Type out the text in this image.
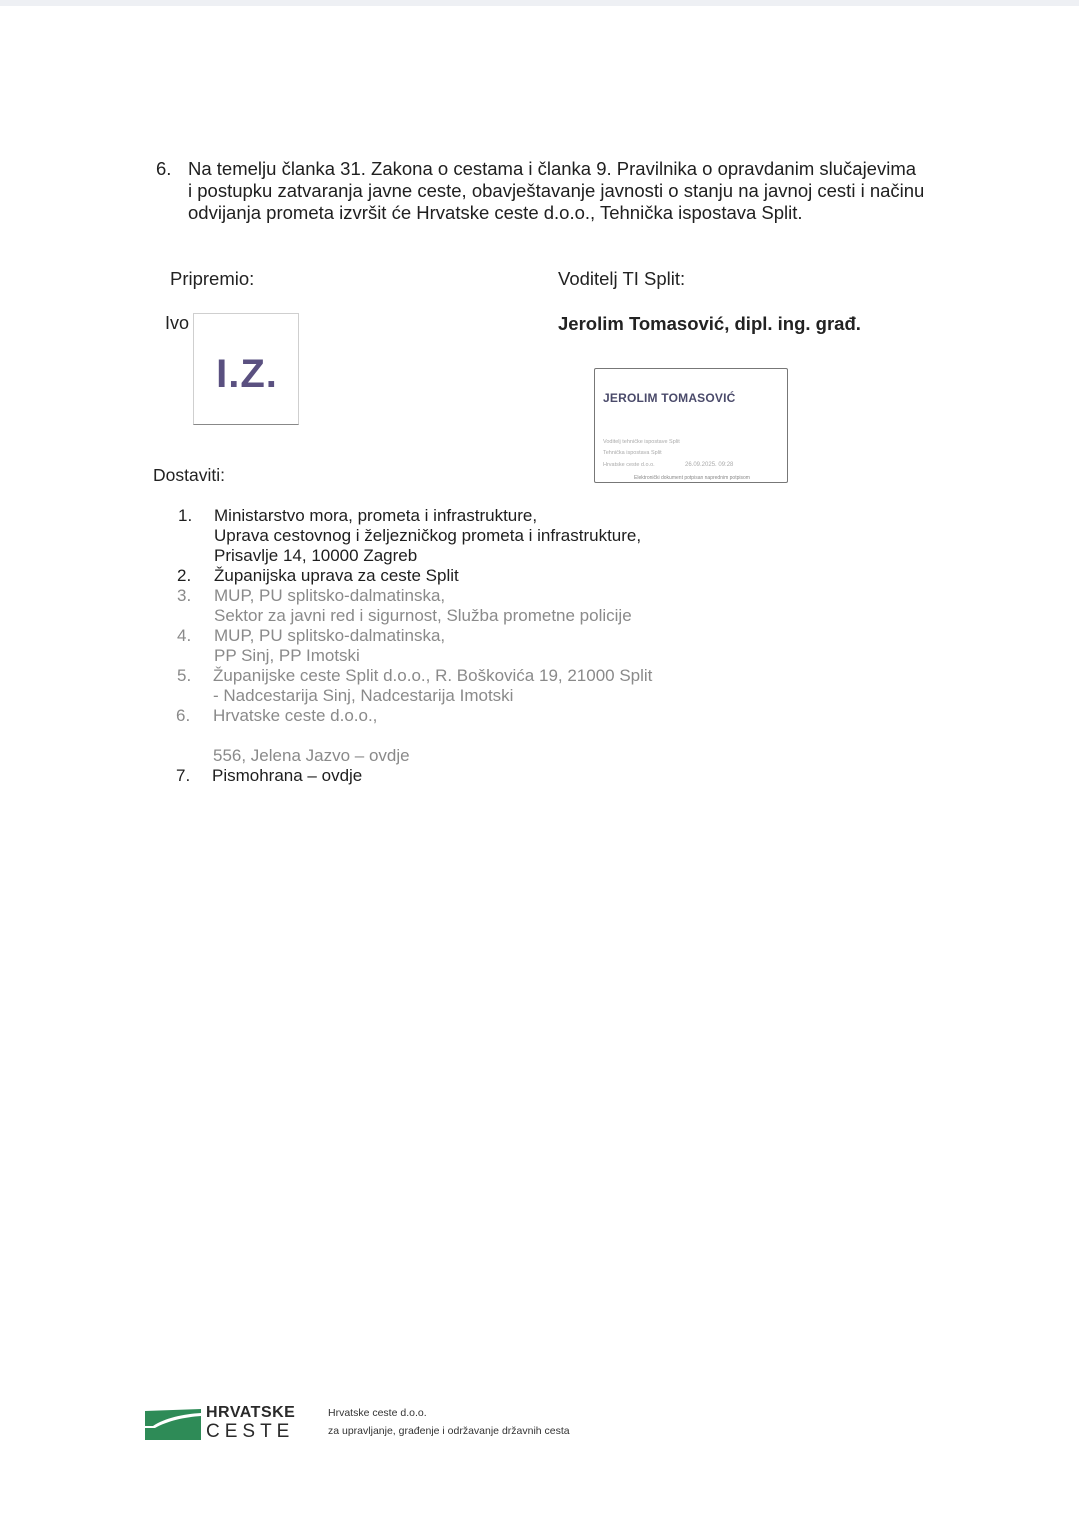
6. Na temelju članka 31. Zakona o cestama i članka 9. Pravilnika o opravdanim slučajevima
i postupku zatvaranja javne ceste, obavještavanje javnosti o stanju na javnoj cesti i načinu
odvijanja prometa izvršit će Hrvatske ceste d.o.o., Tehnička ispostava Split.
Pripremio:	Voditelj TI Split:
Ivo	Jerolim Tomasović, dipl. ing. građ.
I.Z.
JEROLIM TOMASOVIĆ
Voditelj tehničke ispostave Split
Tehnička ispostava Split
Hrvatske ceste d.o.o.	26.09.2025. 09:28
Elektronički dokument potpisan naprednim potpisom
Dostaviti:
1. Ministarstvo mora, prometa i infrastrukture,
Uprava cestovnog i željezničkog prometa i infrastrukture,
Prisavlje 14, 10000 Zagreb
2. Županijska uprava za ceste Split
3. MUP, PU splitsko-dalmatinska,
Sektor za javni red i sigurnost, Služba prometne policije
4. MUP, PU splitsko-dalmatinska,
PP Sinj, PP Imotski
5. Županijske ceste Split d.o.o., R. Boškovića 19, 21000 Split
- Nadcestarija Sinj, Nadcestarija Imotski
6. Hrvatske ceste d.o.o.,
556, Jelena Jazvo – ovdje
7. Pismohrana – ovdje
HRVATSKE
CESTE
Hrvatske ceste d.o.o.
za upravljanje, građenje i održavanje državnih cesta
